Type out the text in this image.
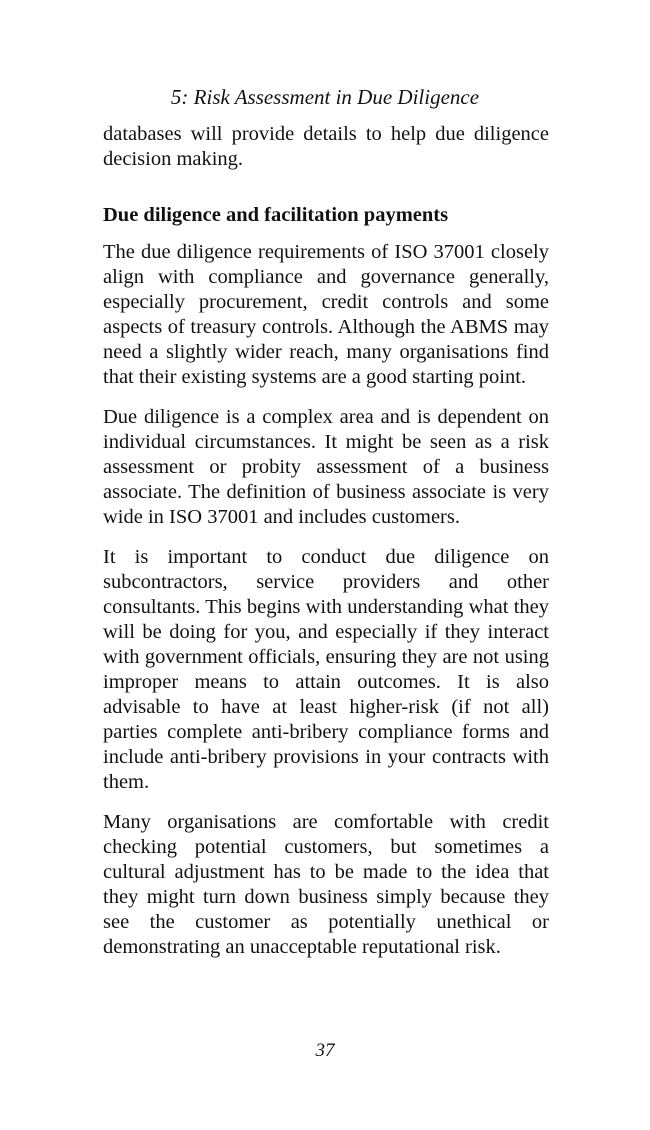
5: Risk Assessment in Due Diligence

databases will provide details to help due diligence decision making.

Due diligence and facilitation payments

The due diligence requirements of ISO 37001 closely align with compliance and governance generally, especially procurement, credit controls and some aspects of treasury controls. Although the ABMS may need a slightly wider reach, many organisations find that their existing systems are a good starting point.

Due diligence is a complex area and is dependent on individual circumstances. It might be seen as a risk assessment or probity assessment of a business associate. The definition of business associate is very wide in ISO 37001 and includes customers.

It is important to conduct due diligence on subcontractors, service providers and other consultants. This begins with understanding what they will be doing for you, and especially if they interact with government officials, ensuring they are not using improper means to attain outcomes. It is also advisable to have at least higher-risk (if not all) parties complete anti-bribery compliance forms and include anti-bribery provisions in your contracts with them.

Many organisations are comfortable with credit checking potential customers, but sometimes a cultural adjustment has to be made to the idea that they might turn down business simply because they see the customer as potentially unethical or demonstrating an unacceptable reputational risk.

37
